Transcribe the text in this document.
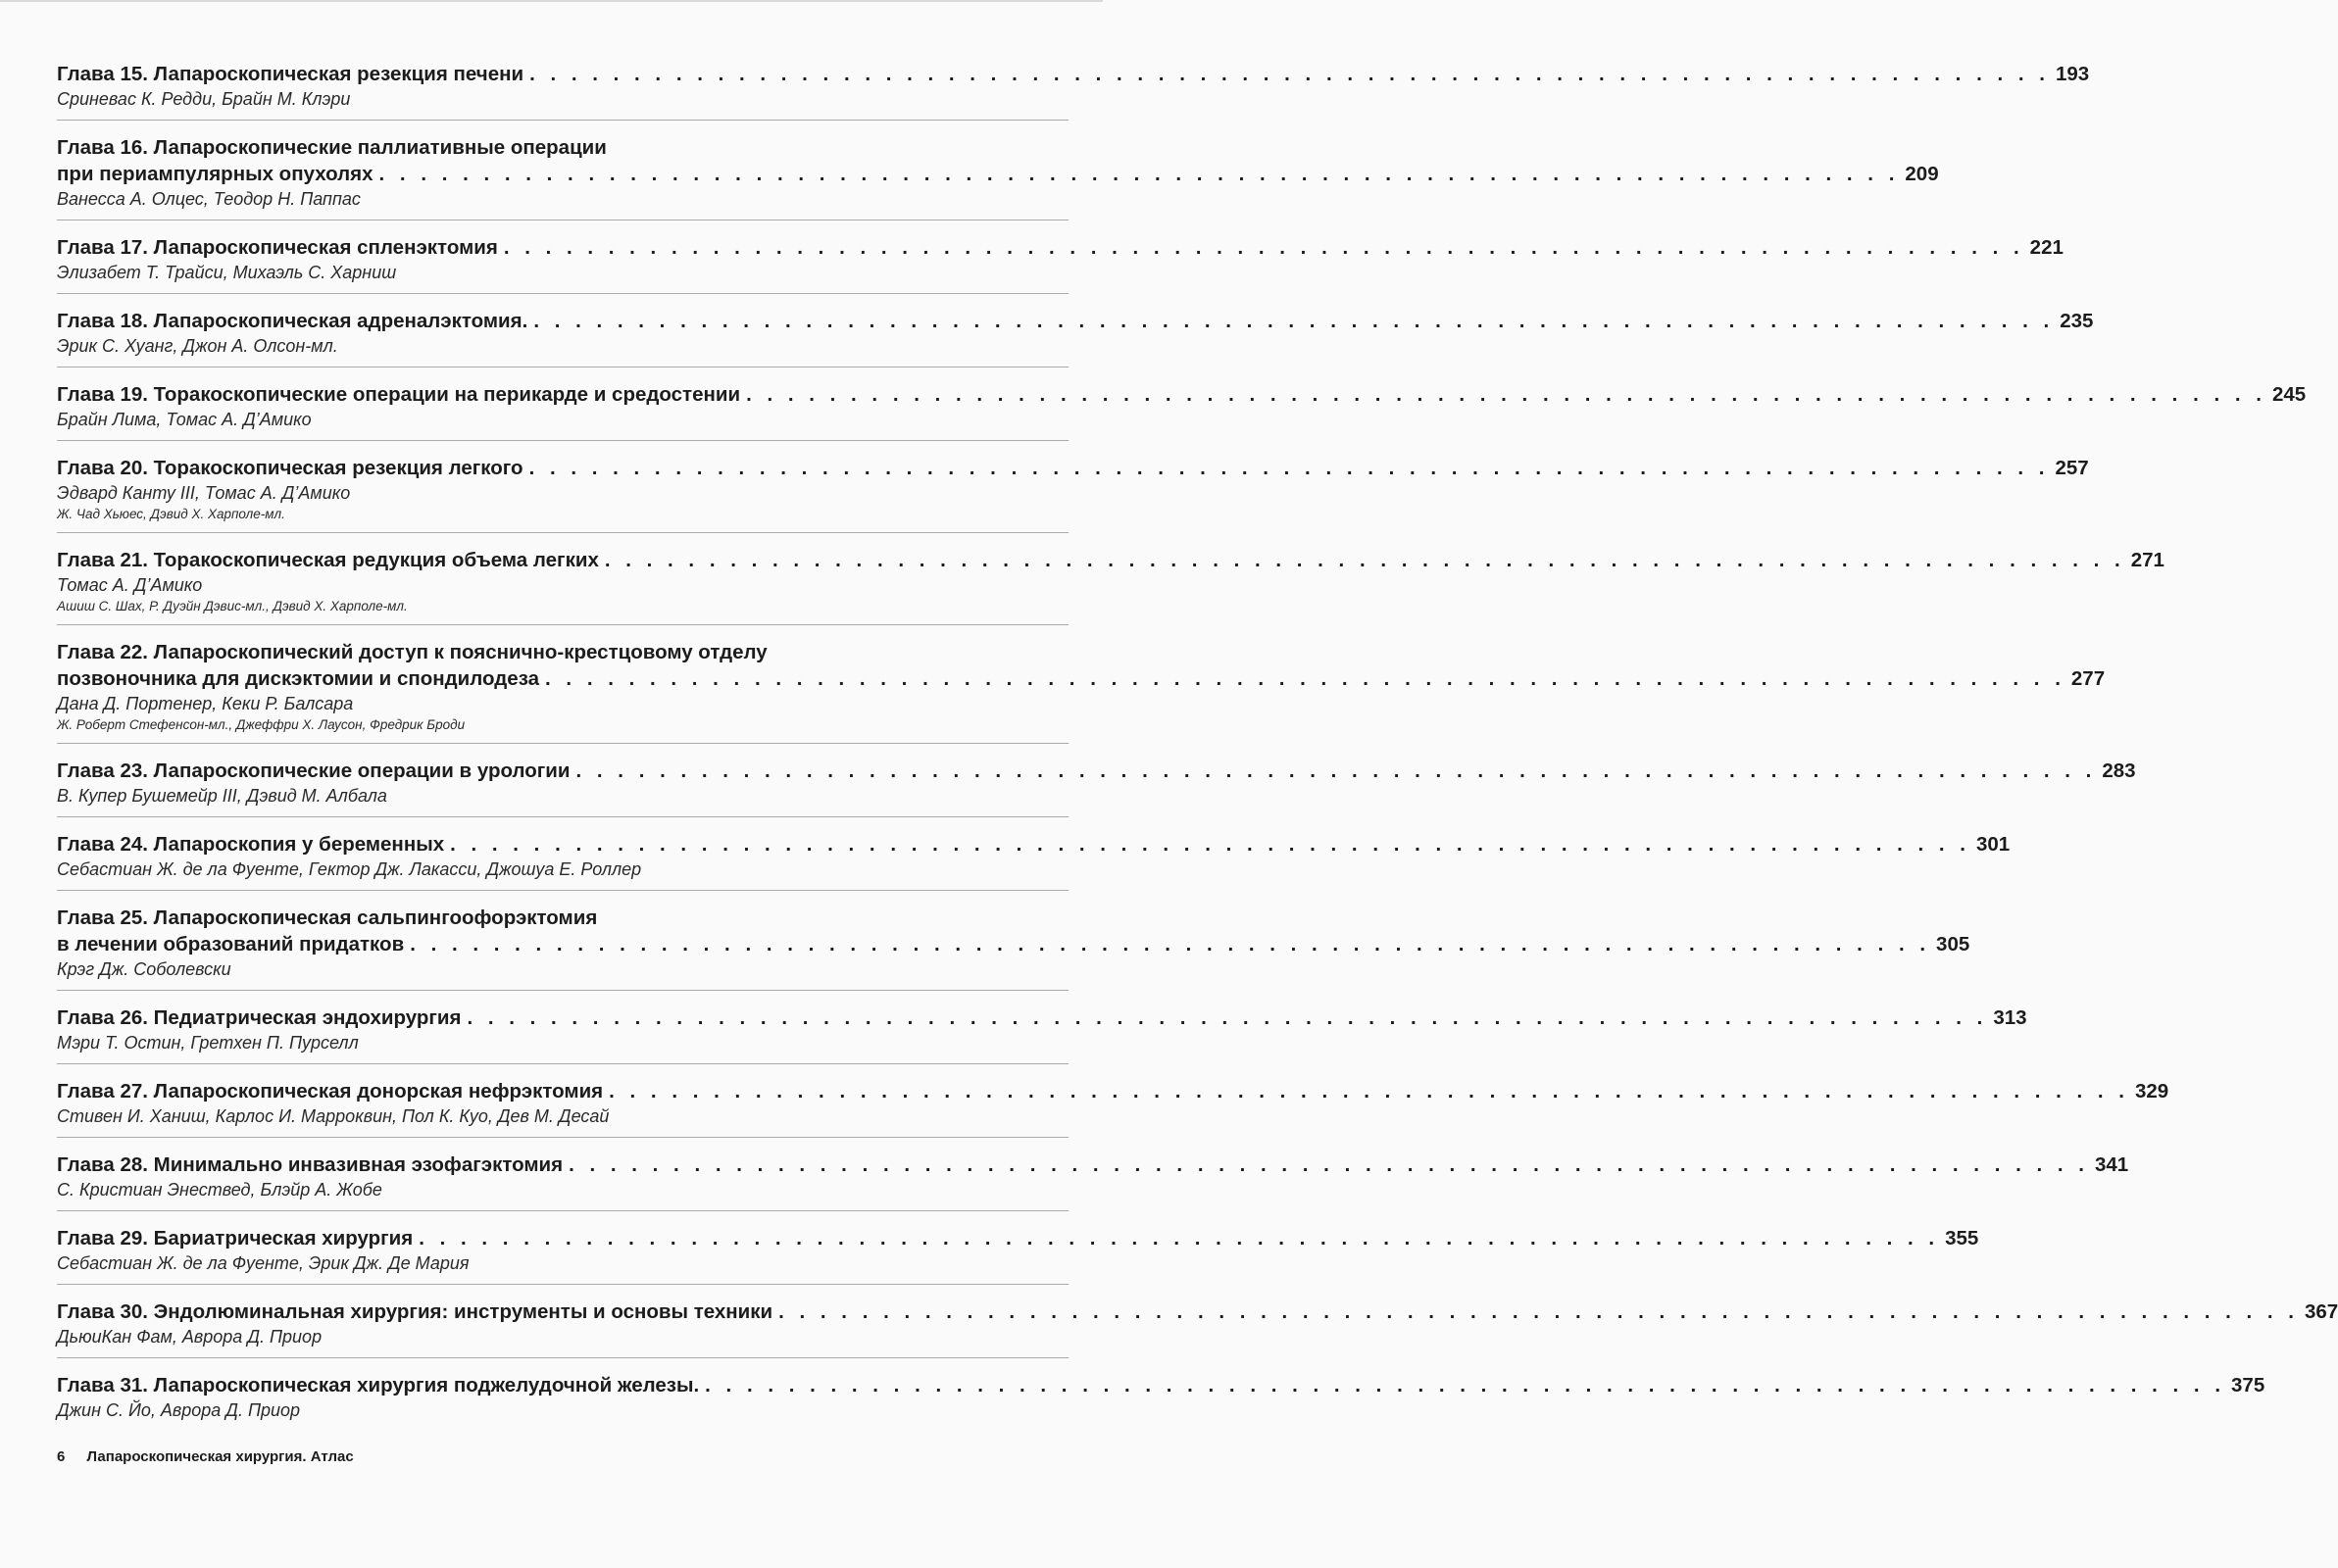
Глава 15. Лапароскопическая резекция печени . . . . . . . . . . . . . . . . . . . . . . . . . . . . . . . . . . . . . . . . . . . . . . . . . . . . . . . . . . . . . . . . . . . . . . . . . 193
Сриневас К. Редди, Брайн М. Клэри
Глава 16. Лапароскопические паллиативные операции
при периампулярных опухолях . . . . . . . . . . . . . . . . . . . . . . . . . . . . . . . . . . . . . . . . . . . . . . . . . . . . . . . . . . . . . . . . . . . . . . . . . 209
Ванесса А. Олцес, Теодор Н. Паппас
Глава 17. Лапароскопическая спленэктомия . . . . . . . . . . . . . . . . . . . . . . . . . . . . . . . . . . . . . . . . . . . . . . . . . . . . . . . . . . . . . . . . . . . . . . . . . 221
Элизабет Т. Трайси, Михаэль С. Харниш
Глава 18. Лапароскопическая адреналэктомия. . . . . . . . . . . . . . . . . . . . . . . . . . . . . . . . . . . . . . . . . . . . . . . . . . . . . . . . . . . . . . . . . . . . . . . . . . 235
Эрик С. Хуанг, Джон А. Олсон-мл.
Глава 19. Торакоскопические операции на перикарде и средостении . . . . . . . . . . . . . . . . . . . . . . . . . . . . . . . . . . . . . . . . . . . . . . . . . . . . . . . . . . . . . . . . . . . . . . . . . 245
Брайн Лима, Томас А. Д’Амико
Глава 20. Торакоскопическая резекция легкого . . . . . . . . . . . . . . . . . . . . . . . . . . . . . . . . . . . . . . . . . . . . . . . . . . . . . . . . . . . . . . . . . . . . . . . . . 257
Эдвард Канту III, Томас А. Д’Амико
Ж. Чад Хьюес, Дэвид Х. Харполе-мл.
Глава 21. Торакоскопическая редукция объема легких . . . . . . . . . . . . . . . . . . . . . . . . . . . . . . . . . . . . . . . . . . . . . . . . . . . . . . . . . . . . . . . . . . . . . . . . . 271
Томас А. Д’Амико
Ашиш С. Шах, Р. Дуэйн Дэвис-мл., Дэвид Х. Харполе-мл.
Глава 22. Лапароскопический доступ к пояснично-крестцовому отделу
позвоночника для дискэктомии и спондилодеза . . . . . . . . . . . . . . . . . . . . . . . . . . . . . . . . . . . . . . . . . . . . . . . . . . . . . . . . . . . . . . . . . . . . . . . . . 277
Дана Д. Портенер, Кеки Р. Балсара
Ж. Роберт Стефенсон-мл., Джеффри Х. Лаусон, Фредрик Броди
Глава 23. Лапароскопические операции в урологии . . . . . . . . . . . . . . . . . . . . . . . . . . . . . . . . . . . . . . . . . . . . . . . . . . . . . . . . . . . . . . . . . . . . . . . . . 283
В. Купер Бушемейр III, Дэвид М. Албала
Глава 24. Лапароскопия у беременных . . . . . . . . . . . . . . . . . . . . . . . . . . . . . . . . . . . . . . . . . . . . . . . . . . . . . . . . . . . . . . . . . . . . . . . . . 301
Себастиан Ж. де ла Фуенте, Гектор Дж. Лакасси, Джошуа Е. Роллер
Глава 25. Лапароскопическая сальпингоофорэктомия
в лечении образований придатков . . . . . . . . . . . . . . . . . . . . . . . . . . . . . . . . . . . . . . . . . . . . . . . . . . . . . . . . . . . . . . . . . . . . . . . . . 305
Крэг Дж. Соболевски
Глава 26. Педиатрическая эндохирургия . . . . . . . . . . . . . . . . . . . . . . . . . . . . . . . . . . . . . . . . . . . . . . . . . . . . . . . . . . . . . . . . . . . . . . . . . 313
Мэри Т. Остин, Гретхен П. Пурселл
Глава 27. Лапароскопическая донорская нефрэктомия . . . . . . . . . . . . . . . . . . . . . . . . . . . . . . . . . . . . . . . . . . . . . . . . . . . . . . . . . . . . . . . . . . . . . . . . . 329
Стивен И. Ханиш, Карлос И. Марроквин, Пол К. Куо, Дев М. Десай
Глава 28. Минимально инвазивная эзофагэктомия . . . . . . . . . . . . . . . . . . . . . . . . . . . . . . . . . . . . . . . . . . . . . . . . . . . . . . . . . . . . . . . . . . . . . . . . . 341
С. Кристиан Энествед, Блэйр А. Жобе
Глава 29. Бариатрическая хирургия . . . . . . . . . . . . . . . . . . . . . . . . . . . . . . . . . . . . . . . . . . . . . . . . . . . . . . . . . . . . . . . . . . . . . . . . . 355
Себастиан Ж. де ла Фуенте, Эрик Дж. Де Мария
Глава 30. Эндолюминальная хирургия: инструменты и основы техники . . . . . . . . . . . . . . . . . . . . . . . . . . . . . . . . . . . . . . . . . . . . . . . . . . . . . . . . . . . . . . . . . . . . . . . . . 367
ДьюиКан Фам, Аврора Д. Приор
Глава 31. Лапароскопическая хирургия поджелудочной железы. . . . . . . . . . . . . . . . . . . . . . . . . . . . . . . . . . . . . . . . . . . . . . . . . . . . . . . . . . . . . . . . . . . . . . . . . . 375
Джин С. Йо, Аврора Д. Приор
6 Лапароскопическая хирургия. Атлас
